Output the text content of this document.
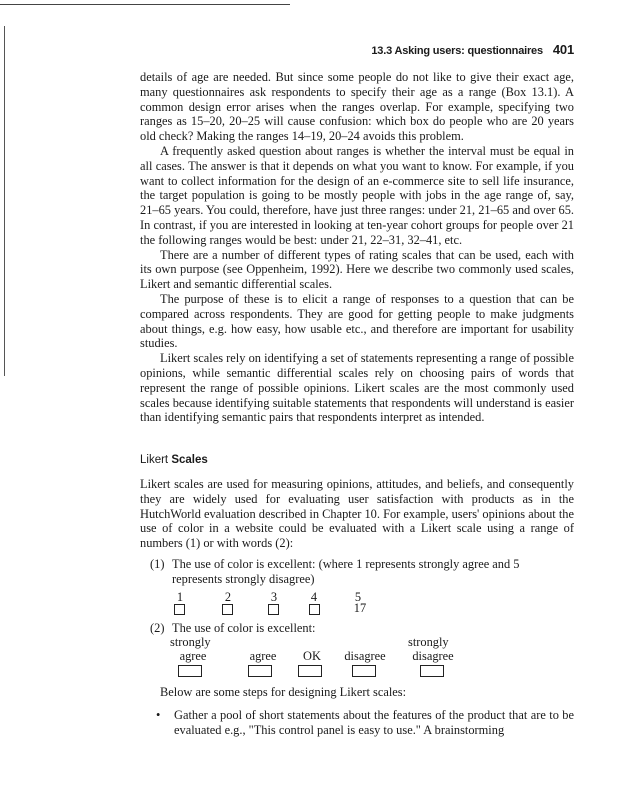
13.3 Asking users: questionnaires 401

details of age are needed. But since some people do not like to give their exact age, many questionnaires ask respondents to specify their age as a range (Box 13.1). A common design error arises when the ranges overlap. For example, specifying two ranges as 15–20, 20–25 will cause confusion: which box do people who are 20 years old check? Making the ranges 14–19, 20–24 avoids this problem.

A frequently asked question about ranges is whether the interval must be equal in all cases. The answer is that it depends on what you want to know. For example, if you want to collect information for the design of an e-commerce site to sell life insurance, the target population is going to be mostly people with jobs in the age range of, say, 21–65 years. You could, therefore, have just three ranges: under 21, 21–65 and over 65. In contrast, if you are interested in looking at ten-year cohort groups for people over 21 the following ranges would be best: under 21, 22–31, 32–41, etc.

There are a number of different types of rating scales that can be used, each with its own purpose (see Oppenheim, 1992). Here we describe two commonly used scales, Likert and semantic differential scales.

The purpose of these is to elicit a range of responses to a question that can be compared across respondents. They are good for getting people to make judgments about things, e.g. how easy, how usable etc., and therefore are important for usability studies.

Likert scales rely on identifying a set of statements representing a range of possible opinions, while semantic differential scales rely on choosing pairs of words that represent the range of possible opinions. Likert scales are the most commonly used scales because identifying suitable statements that respondents will understand is easier than identifying semantic pairs that respondents interpret as intended.

Likert Scales

Likert scales are used for measuring opinions, attitudes, and beliefs, and consequently they are widely used for evaluating user satisfaction with products as in the HutchWorld evaluation described in Chapter 10. For example, users' opinions about the use of color in a website could be evaluated with a Likert scale using a range of numbers (1) or with words (2):

(1) The use of color is excellent: (where 1 represents strongly agree and 5 represents strongly disagree)
1	2	3	4	5
17
(2) The use of color is excellent:
strongly	strongly
agree	agree	OK	disagree	disagree

Below are some steps for designing Likert scales:

• Gather a pool of short statements about the features of the product that are to be evaluated e.g., "This control panel is easy to use." A brainstorming
